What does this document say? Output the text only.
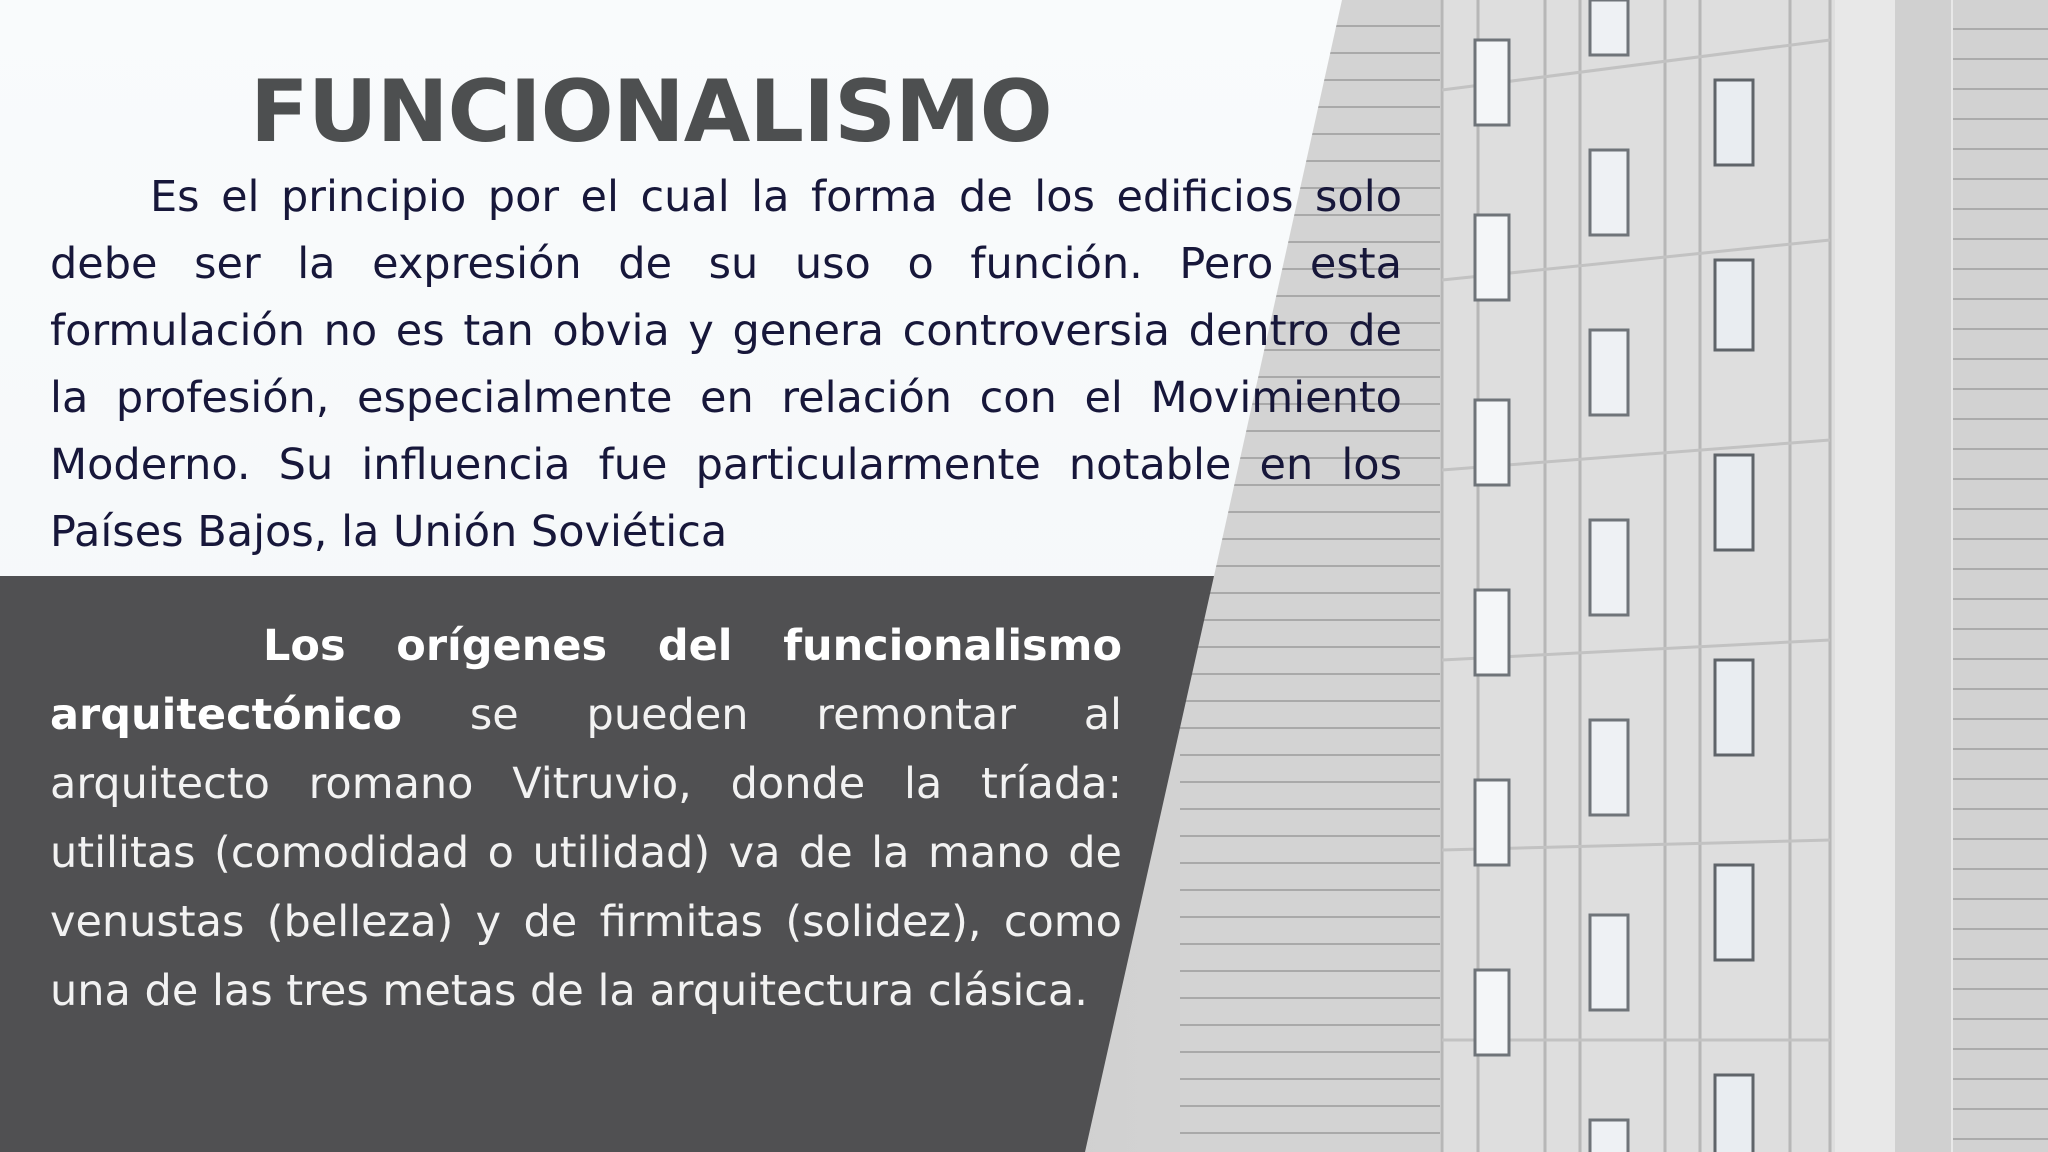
FUNCIONALISMO

Es el principio por el cual la forma de los edificios solo debe ser la expresión de su uso o función. Pero esta formulación no es tan obvia y genera controversia dentro de la profesión, especialmente en relación con el Movimiento Moderno. Su influencia fue particularmente notable en los Países Bajos, la Unión Soviética

Los orígenes del funcionalismo arquitectónico se pueden remontar al arquitecto romano Vitruvio, donde la tríada: utilitas (comodidad o utilidad) va de la mano de venustas (belleza) y de firmitas (solidez), como una de las tres metas de la arquitectura clásica.
